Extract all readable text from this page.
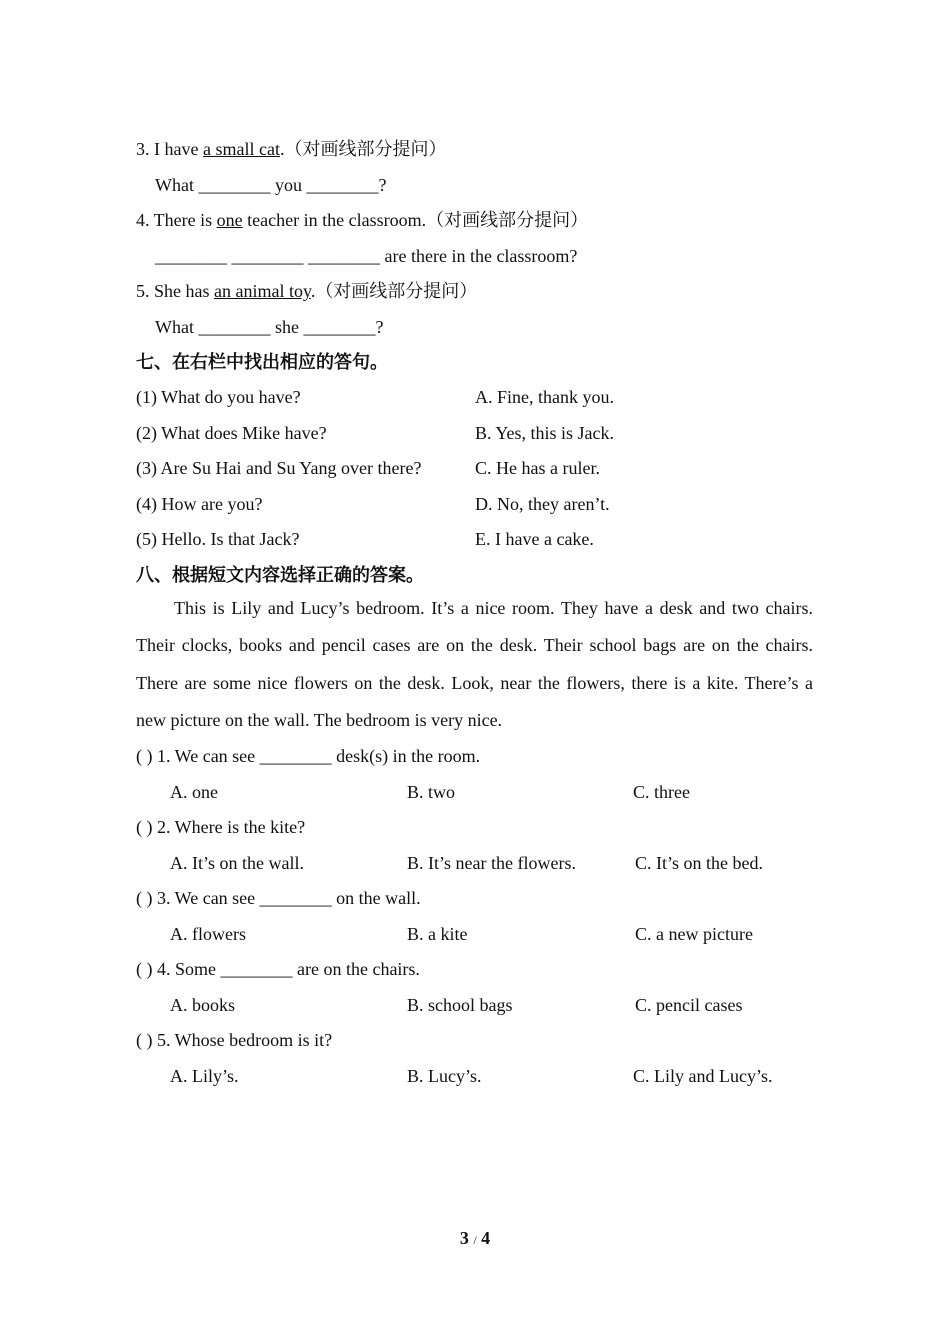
3. I have a small cat.（对画线部分提问）
What ________ you ________?
4. There is one teacher in the classroom.（对画线部分提问）
________ ________ ________ are there in the classroom?
5. She has an animal toy.（对画线部分提问）
What ________ she ________?
七、在右栏中找出相应的答句。
(1) What do you have?	A. Fine, thank you.
(2) What does Mike have?	B. Yes, this is Jack.
(3) Are Su Hai and Su Yang over there?	C. He has a ruler.
(4) How are you?	D. No, they aren’t.
(5) Hello. Is that Jack?	E. I have a cake.
八、根据短文内容选择正确的答案。

This is Lily and Lucy’s bedroom. It’s a nice room. They have a desk and two chairs. Their clocks, books and pencil cases are on the desk. Their school bags are on the chairs. There are some nice flowers on the desk. Look, near the flowers, there is a kite. There’s a new picture on the wall. The bedroom is very nice.

( ) 1. We can see ________ desk(s) in the room.
A. one	B. two	C. three
( ) 2. Where is the kite?
A. It’s on the wall.	B. It’s near the flowers.	C. It’s on the bed.
( ) 3. We can see ________ on the wall.
A. flowers	B. a kite	C. a new picture
( ) 4. Some ________ are on the chairs.
A. books	B. school bags	C. pencil cases
( ) 5. Whose bedroom is it?
A. Lily’s.	B. Lucy’s.	C. Lily and Lucy’s.
3 / 4
